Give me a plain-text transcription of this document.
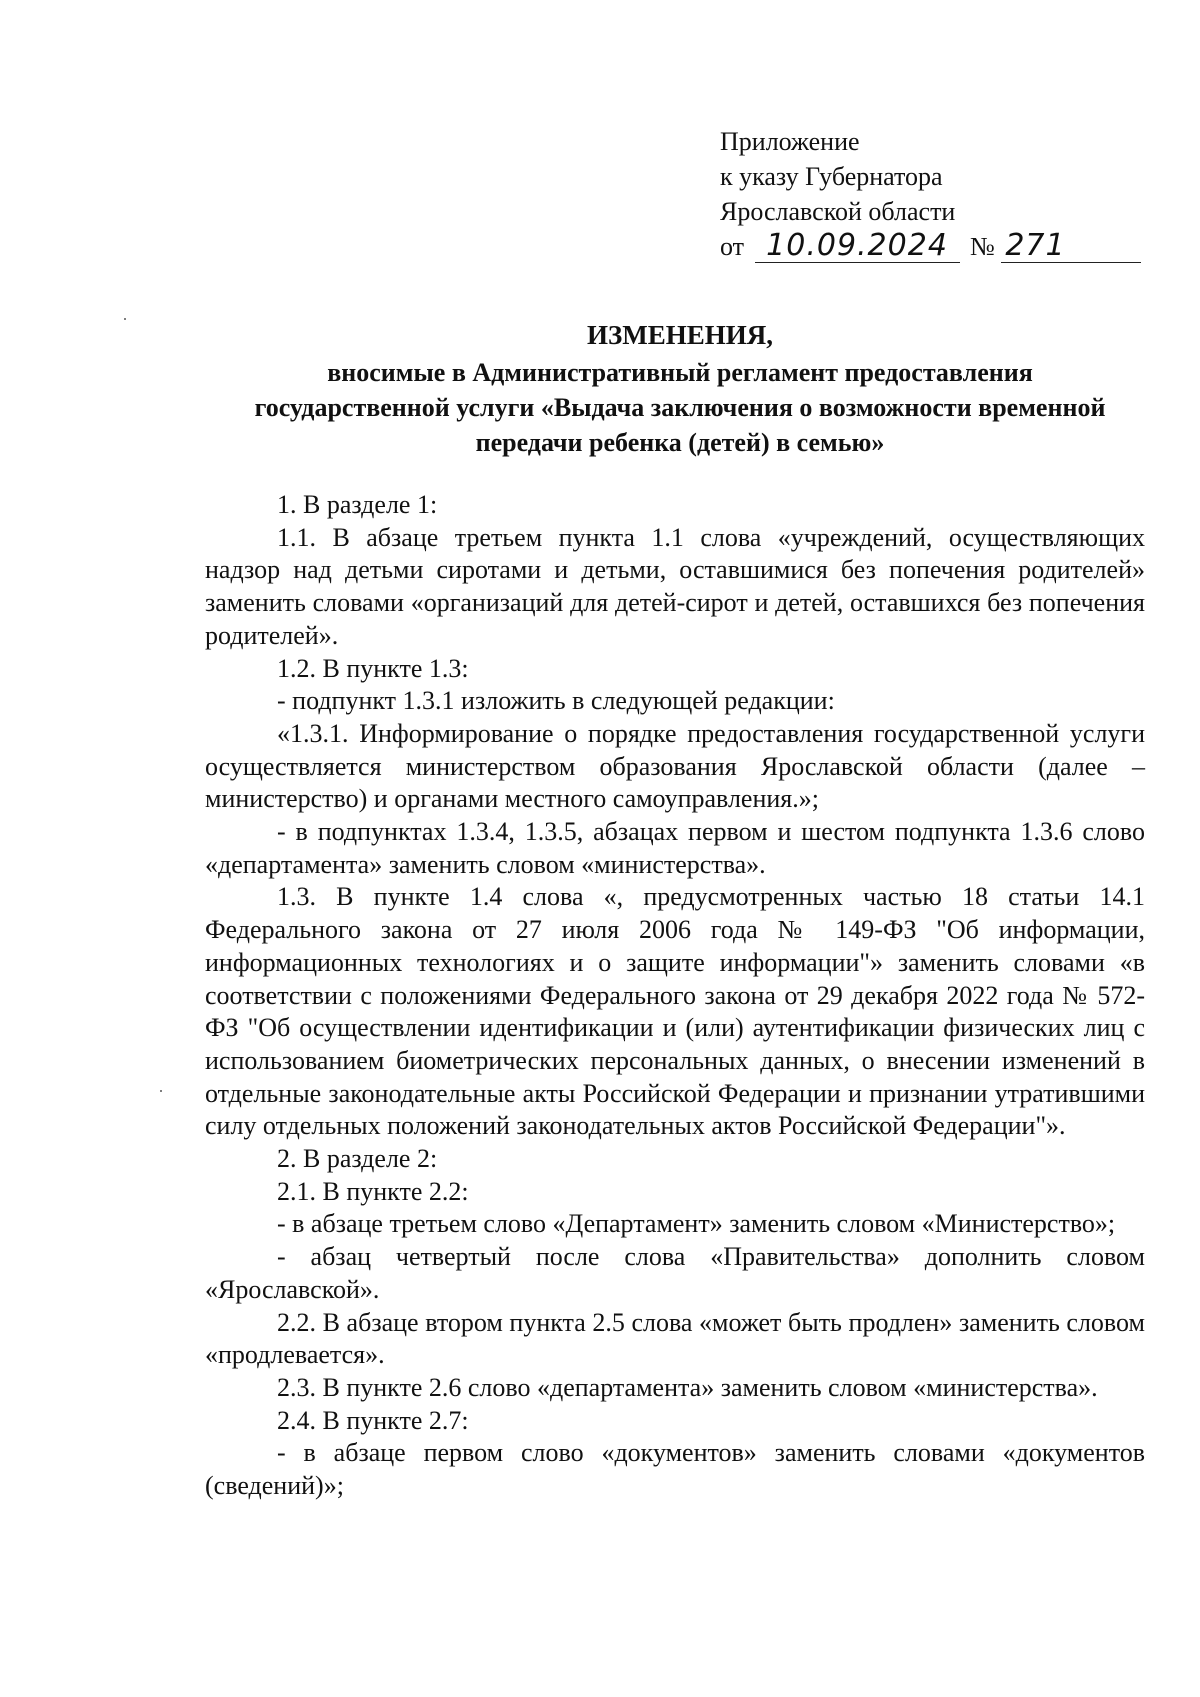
Приложение
к указу Губернатора
Ярославской области
от 10.09.2024 № 271
ИЗМЕНЕНИЯ,
вносимые в Административный регламент предоставления
государственной услуги «Выдача заключения о возможности временной
передачи ребенка (детей) в семью»

1. В разделе 1:

1.1. В абзаце третьем пункта 1.1 слова «учреждений, осуществляющих надзор над детьми сиротами и детьми, оставшимися без попечения родителей» заменить словами «организаций для детей-сирот и детей, оставшихся без попечения родителей».

1.2. В пункте 1.3:

- подпункт 1.3.1 изложить в следующей редакции:

«1.3.1. Информирование о порядке предоставления государственной услуги осуществляется министерством образования Ярославской области (далее – министерство) и органами местного самоуправления.»;

- в подпунктах 1.3.4, 1.3.5, абзацах первом и шестом подпункта 1.3.6 слово «департамента» заменить словом «министерства».

1.3. В пункте 1.4 слова «, предусмотренных частью 18 статьи 14.1 Федерального закона от 27 июля 2006 года № 149-ФЗ "Об информации, информационных технологиях и о защите информации"» заменить словами «в соответствии с положениями Федерального закона от 29 декабря 2022 года № 572-ФЗ "Об осуществлении идентификации и (или) аутентификации физических лиц с использованием биометрических персональных данных, о внесении изменений в отдельные законодательные акты Российской Федерации и признании утратившими силу отдельных положений законодательных актов Российской Федерации"».

2. В разделе 2:

2.1. В пункте 2.2:

- в абзаце третьем слово «Департамент» заменить словом «Министерство»;

- абзац четвертый после слова «Правительства» дополнить словом «Ярославской».

2.2. В абзаце втором пункта 2.5 слова «может быть продлен» заменить словом «продлевается».

2.3. В пункте 2.6 слово «департамента» заменить словом «министерства».

2.4. В пункте 2.7:

- в абзаце первом слово «документов» заменить словами «документов (сведений)»;
